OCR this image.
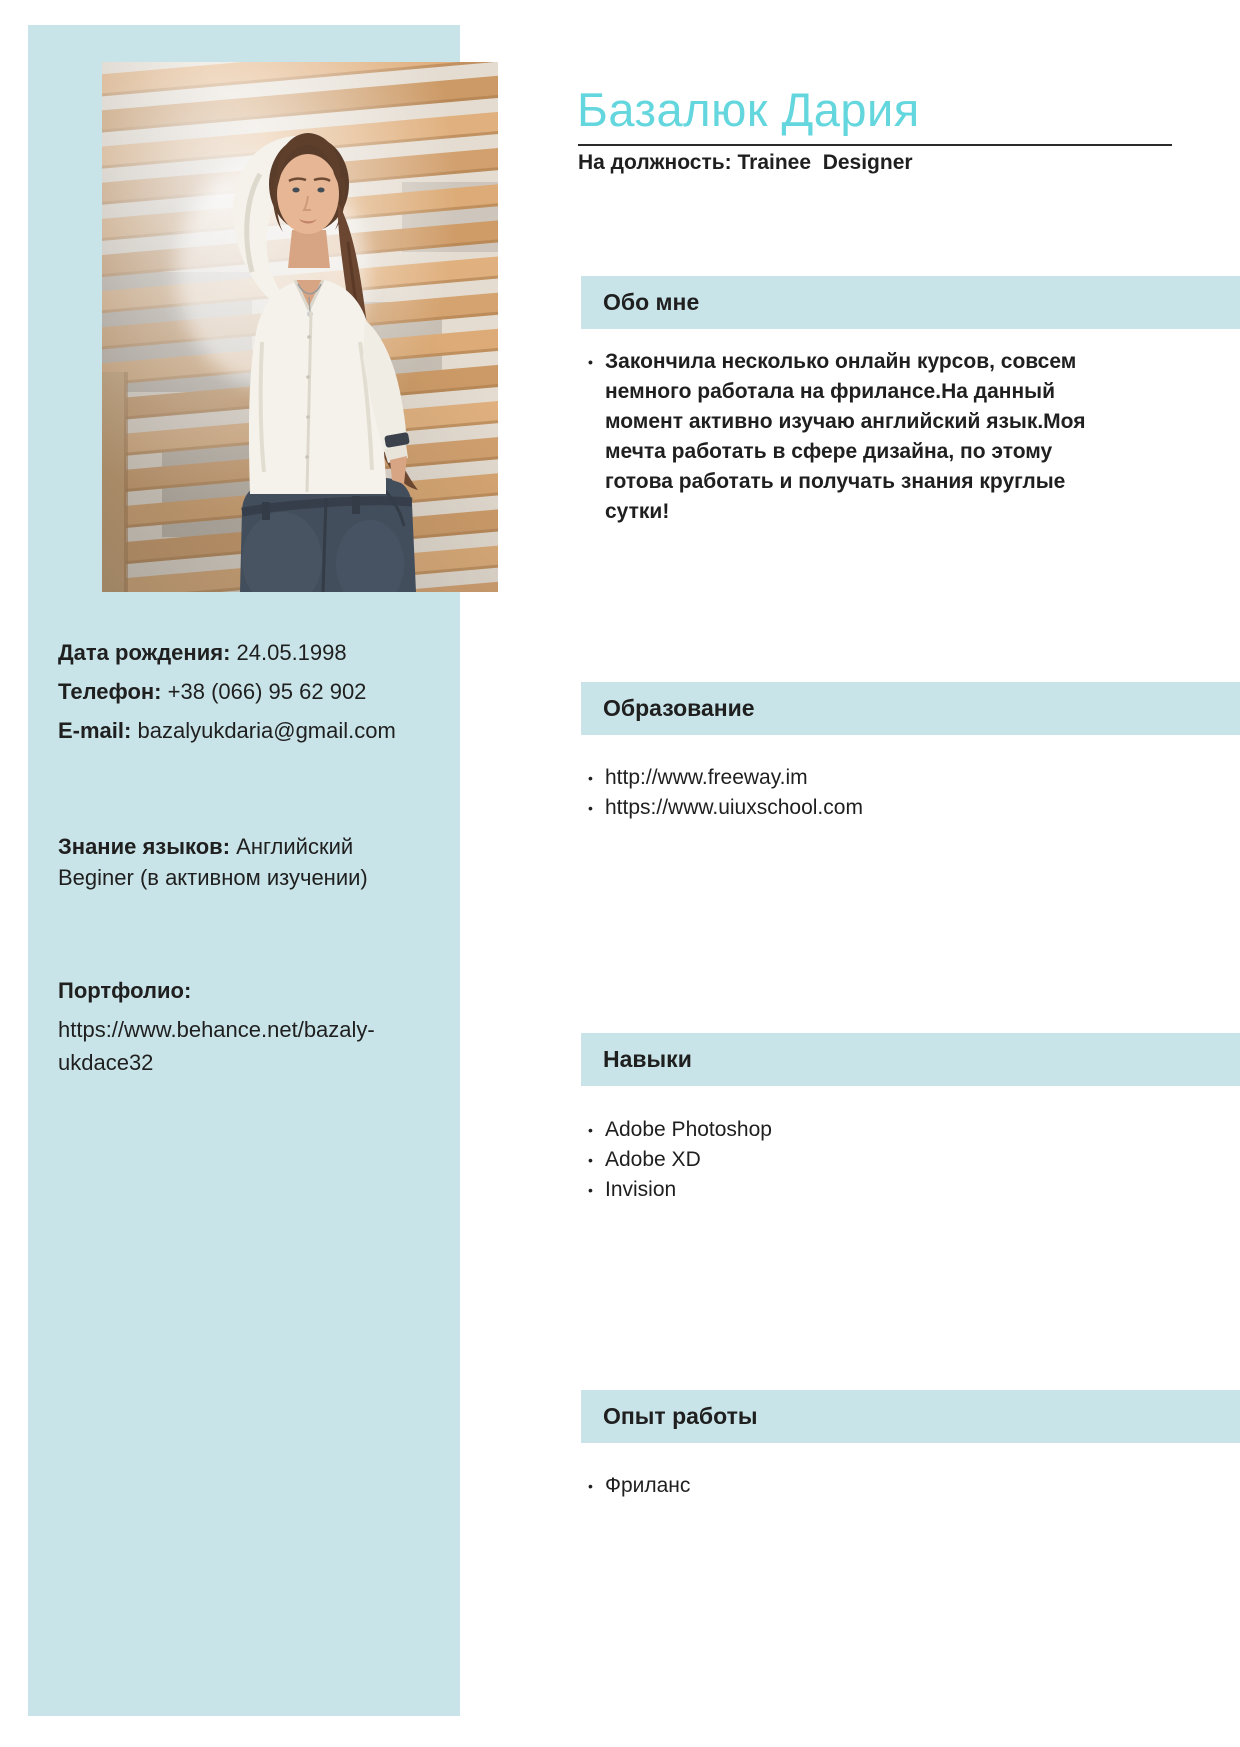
Базалюк Дария
На должность: Trainee  Designer
Дата рождения: 24.05.1998
Телефон: +38 (066) 95 62 902
E-mail: bazalyukdaria@gmail.com
Знание языков: Английский Beginer (в активном изучении)
Портфолио:
https://www.behance.net/bazaly-ukdace32
Обо мне
• Закончила несколько онлайн курсов, совсем немного работала на фрилансе.На данный момент активно изучаю английский язык.Моя мечта работать в сфере дизайна, по этому готова работать и получать знания круглые сутки!
Образование
• http://www.freeway.im
• https://www.uiuxschool.com
Навыки
• Adobe Photoshop
• Adobe XD
• Invision
Опыт работы
• Фриланс
